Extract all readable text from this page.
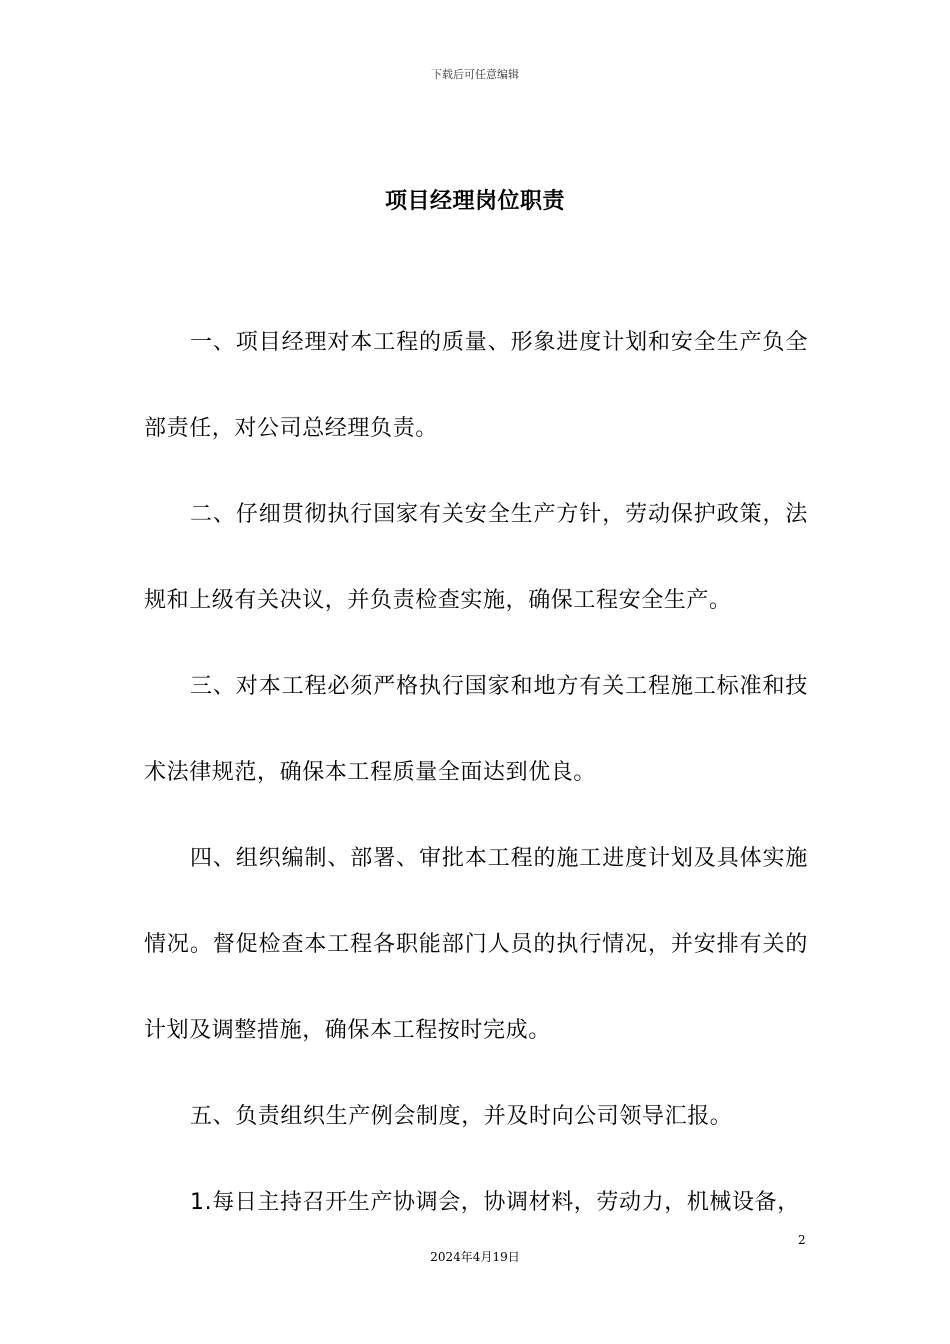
下载后可任意编辑
项目经理岗位职责

一、项目经理对本工程的质量、形象进度计划和安全生产负全部责任，对公司总经理负责。

二、仔细贯彻执行国家有关安全生产方针，劳动保护政策，法规和上级有关决议，并负责检查实施，确保工程安全生产。

三、对本工程必须严格执行国家和地方有关工程施工标准和技术法律规范，确保本工程质量全面达到优良。

四、组织编制、部署、审批本工程的施工进度计划及具体实施情况。督促检查本工程各职能部门人员的执行情况，并安排有关的计划及调整措施，确保本工程按时完成。

五、负责组织生产例会制度，并及时向公司领导汇报。

1.每日主持召开生产协调会，协调材料，劳动力，机械设备，

2
2024年4月19日
